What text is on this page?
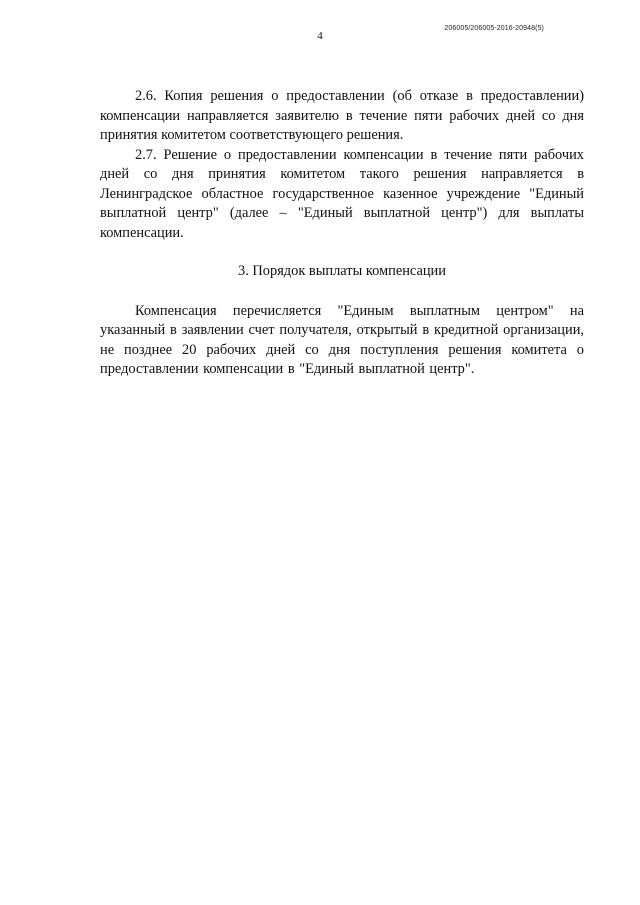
206005/206005-2016-20948(5)
4

2.6. Копия решения о предоставлении (об отказе в предоставлении) компенсации направляется заявителю в течение пяти рабочих дней со дня принятия комитетом соответствующего решения.

2.7. Решение о предоставлении компенсации в течение пяти рабочих дней со дня принятия комитетом такого решения направляется в Ленинградское областное государственное казенное учреждение "Единый выплатной центр" (далее – "Единый выплатной центр") для выплаты компенсации.

3. Порядок выплаты компенсации

Компенсация перечисляется "Единым выплатным центром" на указанный в заявлении счет получателя, открытый в кредитной организации, не позднее 20 рабочих дней со дня поступления решения комитета о предоставлении компенсации в "Единый выплатной центр".
